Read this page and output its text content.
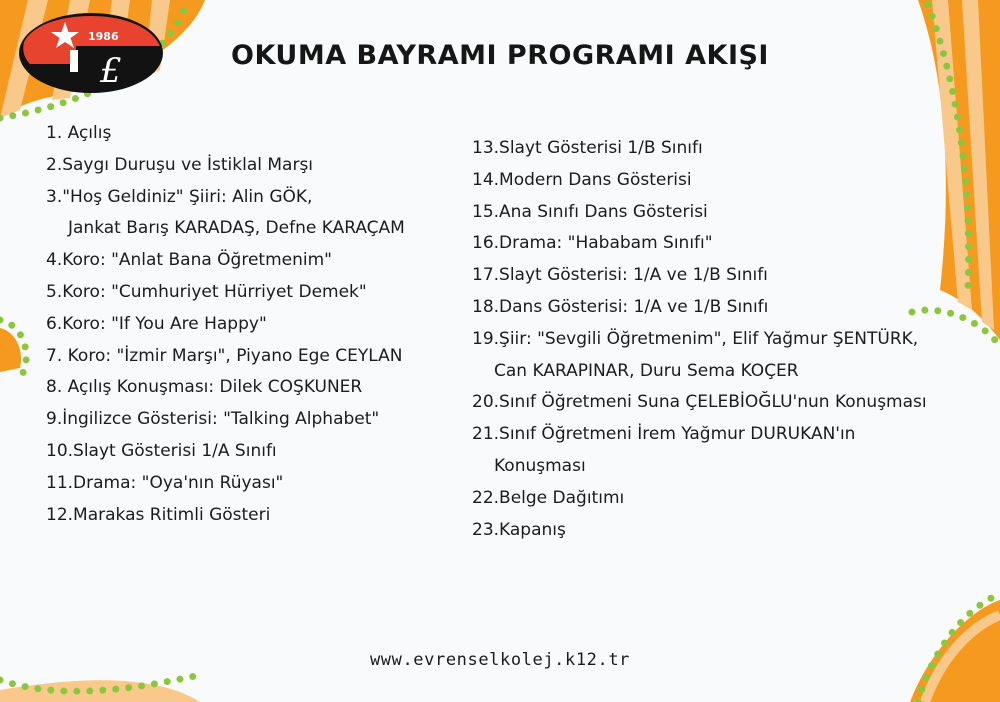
1986
£	OKUMA BAYRAMI PROGRAMI AKIŞI
1. Açılış
2.Saygı Duruşu ve İstiklal Marşı
3."Hoş Geldiniz" Şiiri: Alin GÖK,
Jankat Barış KARADAŞ, Defne KARAÇAM
4.Koro: "Anlat Bana Öğretmenim"
5.Koro: "Cumhuriyet Hürriyet Demek"
6.Koro: "If You Are Happy"
7. Koro: "İzmir Marşı", Piyano Ege CEYLAN
8. Açılış Konuşması: Dilek COŞKUNER
9.İngilizce Gösterisi: "Talking Alphabet"
10.Slayt Gösterisi 1/A Sınıfı
11.Drama: "Oya'nın Rüyası"
12.Marakas Ritimli Gösteri
13.Slayt Gösterisi 1/B Sınıfı
14.Modern Dans Gösterisi
15.Ana Sınıfı Dans Gösterisi
16.Drama: "Hababam Sınıfı"
17.Slayt Gösterisi: 1/A ve 1/B Sınıfı
18.Dans Gösterisi: 1/A ve 1/B Sınıfı
19.Şiir: "Sevgili Öğretmenim", Elif Yağmur ŞENTÜRK,
Can KARAPINAR, Duru Sema KOÇER
20.Sınıf Öğretmeni Suna ÇELEBİOĞLU'nun Konuşması
21.Sınıf Öğretmeni İrem Yağmur DURUKAN'ın
Konuşması
22.Belge Dağıtımı
23.Kapanış
www.evrenselkolej.k12.tr
